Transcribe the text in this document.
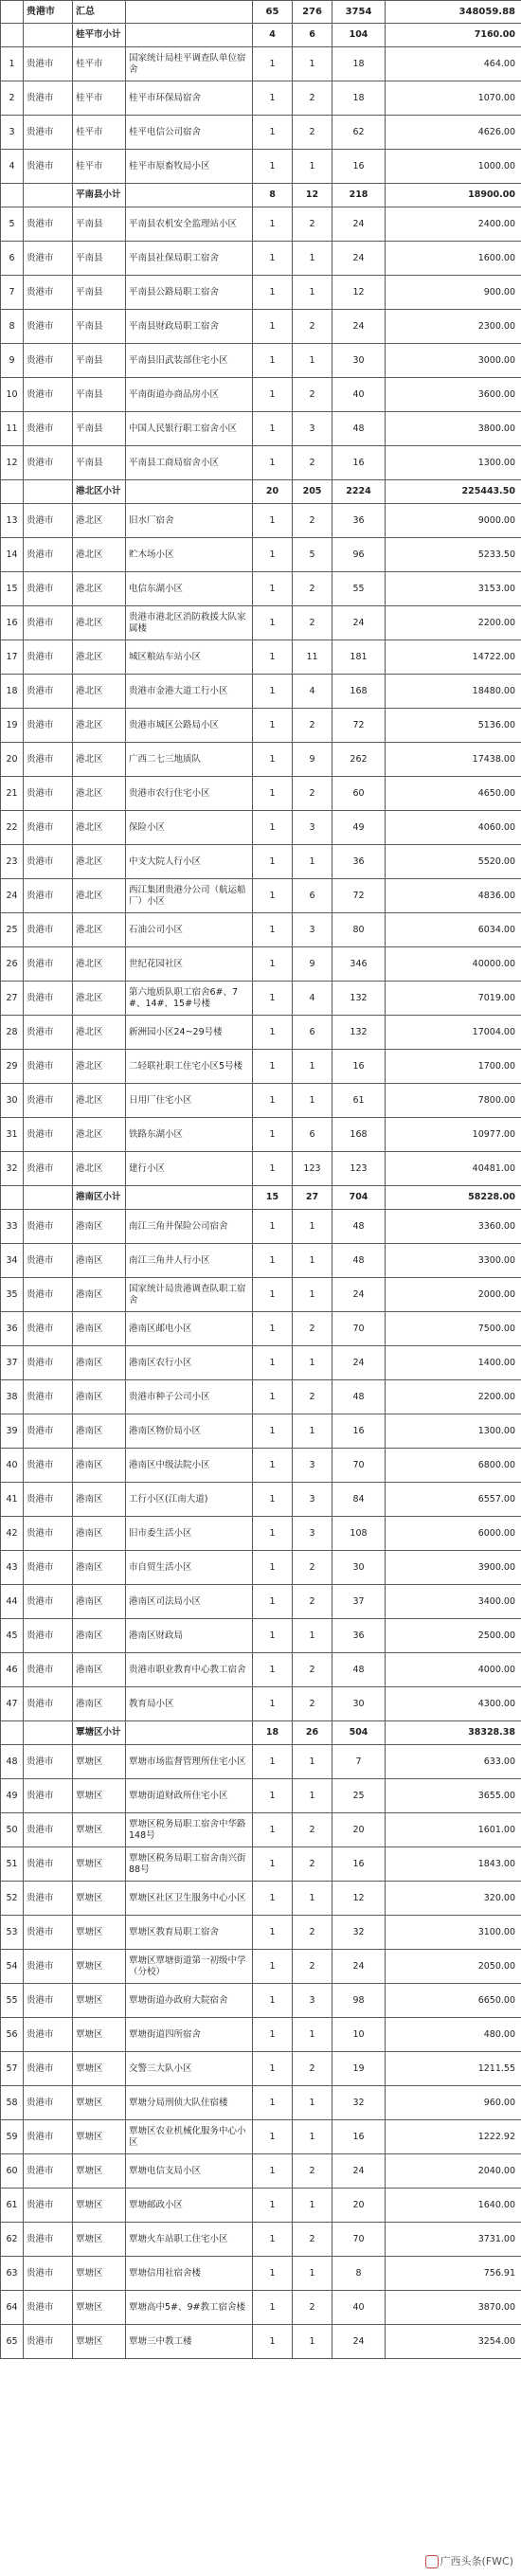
	贵港市	汇总		65	276	3754	348059.88
		桂平市小计		4	6	104	7160.00
1	贵港市	桂平市	国家统计局桂平调查队单位宿舍	1	1	18	464.00
2	贵港市	桂平市	桂平市环保局宿舍	1	2	18	1070.00
3	贵港市	桂平市	桂平电信公司宿舍	1	2	62	4626.00
4	贵港市	桂平市	桂平市原畜牧局小区	1	1	16	1000.00
		平南县小计		8	12	218	18900.00
5	贵港市	平南县	平南县农机安全监理站小区	1	2	24	2400.00
6	贵港市	平南县	平南县社保局职工宿舍	1	1	24	1600.00
7	贵港市	平南县	平南县公路局职工宿舍	1	1	12	900.00
8	贵港市	平南县	平南县财政局职工宿舍	1	2	24	2300.00
9	贵港市	平南县	平南县旧武装部住宅小区	1	1	30	3000.00
10	贵港市	平南县	平南街道办商品房小区	1	2	40	3600.00
11	贵港市	平南县	中国人民银行职工宿舍小区	1	3	48	3800.00
12	贵港市	平南县	平南县工商局宿舍小区	1	2	16	1300.00
		港北区小计		20	205	2224	225443.50
13	贵港市	港北区	旧水厂宿舍	1	2	36	9000.00
14	贵港市	港北区	贮木场小区	1	5	96	5233.50
15	贵港市	港北区	电信东湖小区	1	2	55	3153.00
16	贵港市	港北区	贵港市港北区消防救援大队家属楼	1	2	24	2200.00
17	贵港市	港北区	城区粮站车站小区	1	11	181	14722.00
18	贵港市	港北区	贵港市金港大道工行小区	1	4	168	18480.00
19	贵港市	港北区	贵港市城区公路局小区	1	2	72	5136.00
20	贵港市	港北区	广西二七三地质队	1	9	262	17438.00
21	贵港市	港北区	贵港市农行住宅小区	1	2	60	4650.00
22	贵港市	港北区	保险小区	1	3	49	4060.00
23	贵港市	港北区	中支大院人行小区	1	1	36	5520.00
24	贵港市	港北区	西江集团贵港分公司（航运船厂）小区	1	6	72	4836.00
25	贵港市	港北区	石油公司小区	1	3	80	6034.00
26	贵港市	港北区	世纪花园社区	1	9	346	40000.00
27	贵港市	港北区	第六地质队职工宿舍6#、7#、14#、15#号楼	1	4	132	7019.00
28	贵港市	港北区	新洲园小区24~29号楼	1	6	132	17004.00
29	贵港市	港北区	二轻联社职工住宅小区5号楼	1	1	16	1700.00
30	贵港市	港北区	日用厂住宅小区	1	1	61	7800.00
31	贵港市	港北区	铁路东湖小区	1	6	168	10977.00
32	贵港市	港北区	建行小区	1	123	123	40481.00
		港南区小计		15	27	704	58228.00
33	贵港市	港南区	南江三角井保险公司宿舍	1	1	48	3360.00
34	贵港市	港南区	南江三角井人行小区	1	1	48	3300.00
35	贵港市	港南区	国家统计局贵港调查队职工宿舍	1	1	24	2000.00
36	贵港市	港南区	港南区邮电小区	1	2	70	7500.00
37	贵港市	港南区	港南区农行小区	1	1	24	1400.00
38	贵港市	港南区	贵港市种子公司小区	1	2	48	2200.00
39	贵港市	港南区	港南区物价局小区	1	1	16	1300.00
40	贵港市	港南区	港南区中级法院小区	1	3	70	6800.00
41	贵港市	港南区	工行小区(江南大道)	1	3	84	6557.00
42	贵港市	港南区	旧市委生活小区	1	3	108	6000.00
43	贵港市	港南区	市自贸生活小区	1	2	30	3900.00
44	贵港市	港南区	港南区司法局小区	1	2	37	3400.00
45	贵港市	港南区	港南区财政局	1	1	36	2500.00
46	贵港市	港南区	贵港市职业教育中心教工宿舍	1	2	48	4000.00
47	贵港市	港南区	教育局小区	1	2	30	4300.00
		覃塘区小计		18	26	504	38328.38
48	贵港市	覃塘区	覃塘市场监督管理所住宅小区	1	1	7	633.00
49	贵港市	覃塘区	覃塘街道财政所住宅小区	1	1	25	3655.00
50	贵港市	覃塘区	覃塘区税务局职工宿舍中华路148号	1	2	20	1601.00
51	贵港市	覃塘区	覃塘区税务局职工宿舍南兴街88号	1	2	16	1843.00
52	贵港市	覃塘区	覃塘区社区卫生服务中心小区	1	1	12	320.00
53	贵港市	覃塘区	覃塘区教育局职工宿舍	1	2	32	3100.00
54	贵港市	覃塘区	覃塘区覃塘街道第一初级中学（分校）	1	2	24	2050.00
55	贵港市	覃塘区	覃塘街道办政府大院宿舍	1	3	98	6650.00
56	贵港市	覃塘区	覃塘街道四所宿舍	1	1	10	480.00
57	贵港市	覃塘区	交警三大队小区	1	2	19	1211.55
58	贵港市	覃塘区	覃塘分局刑侦大队住宿楼	1	1	32	960.00
59	贵港市	覃塘区	覃塘区农业机械化服务中心小区	1	1	16	1222.92
60	贵港市	覃塘区	覃塘电信支局小区	1	2	24	2040.00
61	贵港市	覃塘区	覃塘邮政小区	1	1	20	1640.00
62	贵港市	覃塘区	覃塘火车站职工住宅小区	1	2	70	3731.00
63	贵港市	覃塘区	覃塘信用社宿舍楼	1	1	8	756.91
64	贵港市	覃塘区	覃塘高中5#、9#教工宿舍楼	1	2	40	3870.00
65	贵港市	覃塘区	覃塘三中教工楼	1	1	24	3254.00
广西头条(FWC)
